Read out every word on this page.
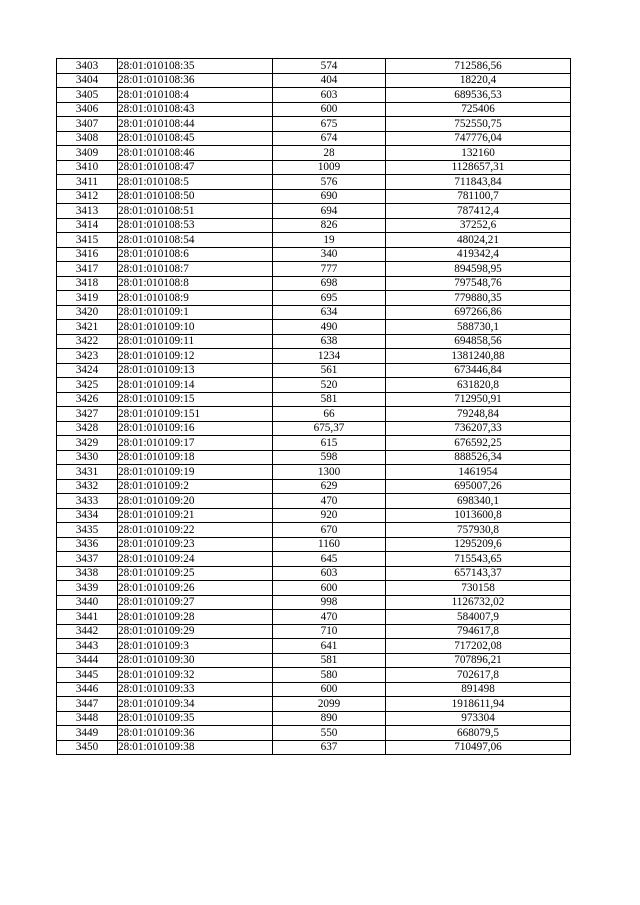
3403	28:01:010108:35	574	712586,56
3404	28:01:010108:36	404	18220,4
3405	28:01:010108:4	603	689536,53
3406	28:01:010108:43	600	725406
3407	28:01:010108:44	675	752550,75
3408	28:01:010108:45	674	747776,04
3409	28:01:010108:46	28	132160
3410	28:01:010108:47	1009	1128657,31
3411	28:01:010108:5	576	711843,84
3412	28:01:010108:50	690	781100,7
3413	28:01:010108:51	694	787412,4
3414	28:01:010108:53	826	37252,6
3415	28:01:010108:54	19	48024,21
3416	28:01:010108:6	340	419342,4
3417	28:01:010108:7	777	894598,95
3418	28:01:010108:8	698	797548,76
3419	28:01:010108:9	695	779880,35
3420	28:01:010109:1	634	697266,86
3421	28:01:010109:10	490	588730,1
3422	28:01:010109:11	638	694858,56
3423	28:01:010109:12	1234	1381240,88
3424	28:01:010109:13	561	673446,84
3425	28:01:010109:14	520	631820,8
3426	28:01:010109:15	581	712950,91
3427	28:01:010109:151	66	79248,84
3428	28:01:010109:16	675,37	736207,33
3429	28:01:010109:17	615	676592,25
3430	28:01:010109:18	598	888526,34
3431	28:01:010109:19	1300	1461954
3432	28:01:010109:2	629	695007,26
3433	28:01:010109:20	470	698340,1
3434	28:01:010109:21	920	1013600,8
3435	28:01:010109:22	670	757930,8
3436	28:01:010109:23	1160	1295209,6
3437	28:01:010109:24	645	715543,65
3438	28:01:010109:25	603	657143,37
3439	28:01:010109:26	600	730158
3440	28:01:010109:27	998	1126732,02
3441	28:01:010109:28	470	584007,9
3442	28:01:010109:29	710	794617,8
3443	28:01:010109:3	641	717202,08
3444	28:01:010109:30	581	707896,21
3445	28:01:010109:32	580	702617,8
3446	28:01:010109:33	600	891498
3447	28:01:010109:34	2099	1918611,94
3448	28:01:010109:35	890	973304
3449	28:01:010109:36	550	668079,5
3450	28:01:010109:38	637	710497,06
